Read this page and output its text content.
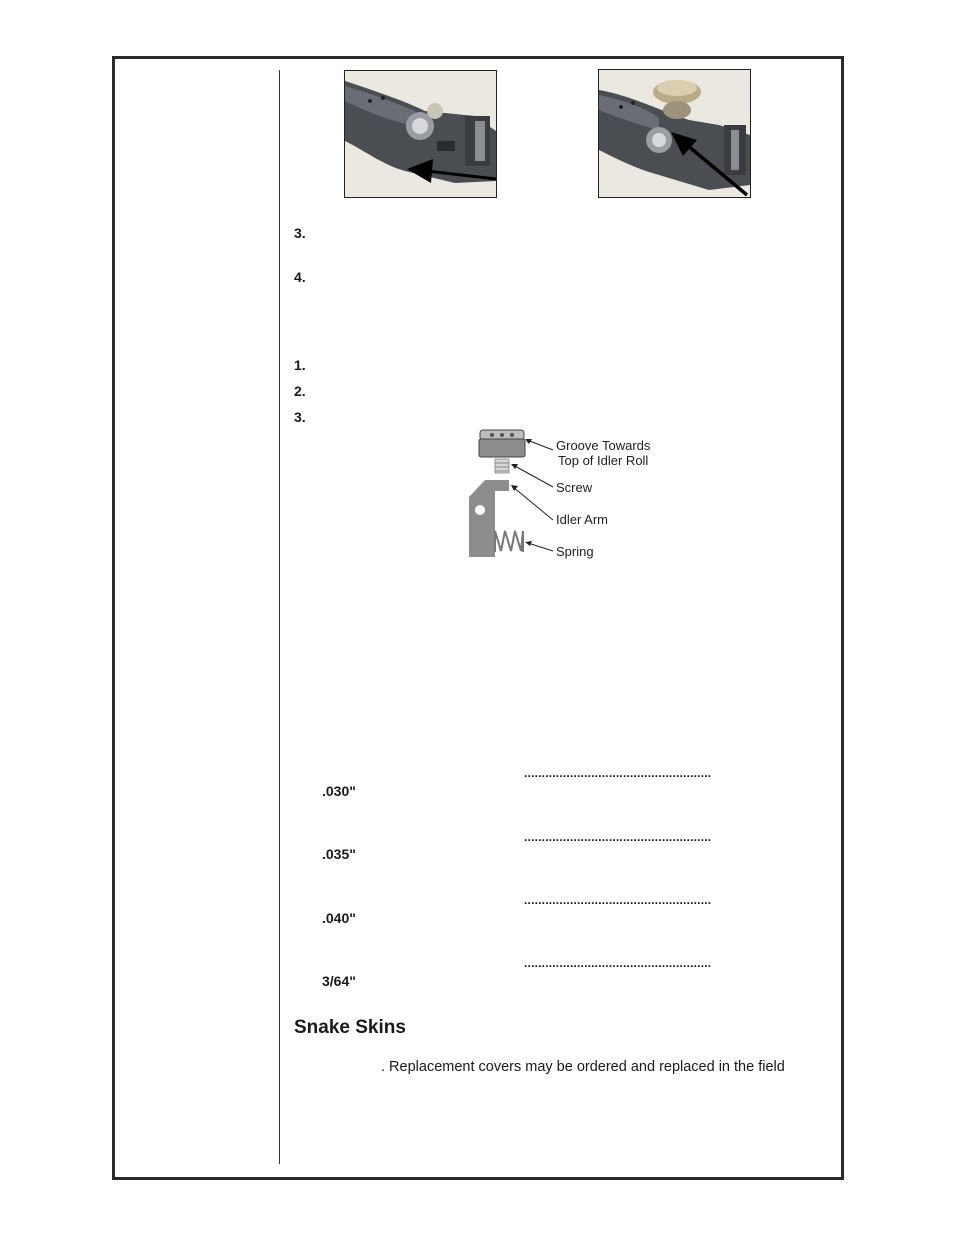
3.
4.
1.
2.
3.
Groove Towards
Top of Idler Roll
Screw
Idler Arm
Spring
.....................................................
.030"
.....................................................
.035"
.....................................................
.040"
.....................................................
3/64"
Snake Skins
. Replacement covers may be ordered and replaced in the field
